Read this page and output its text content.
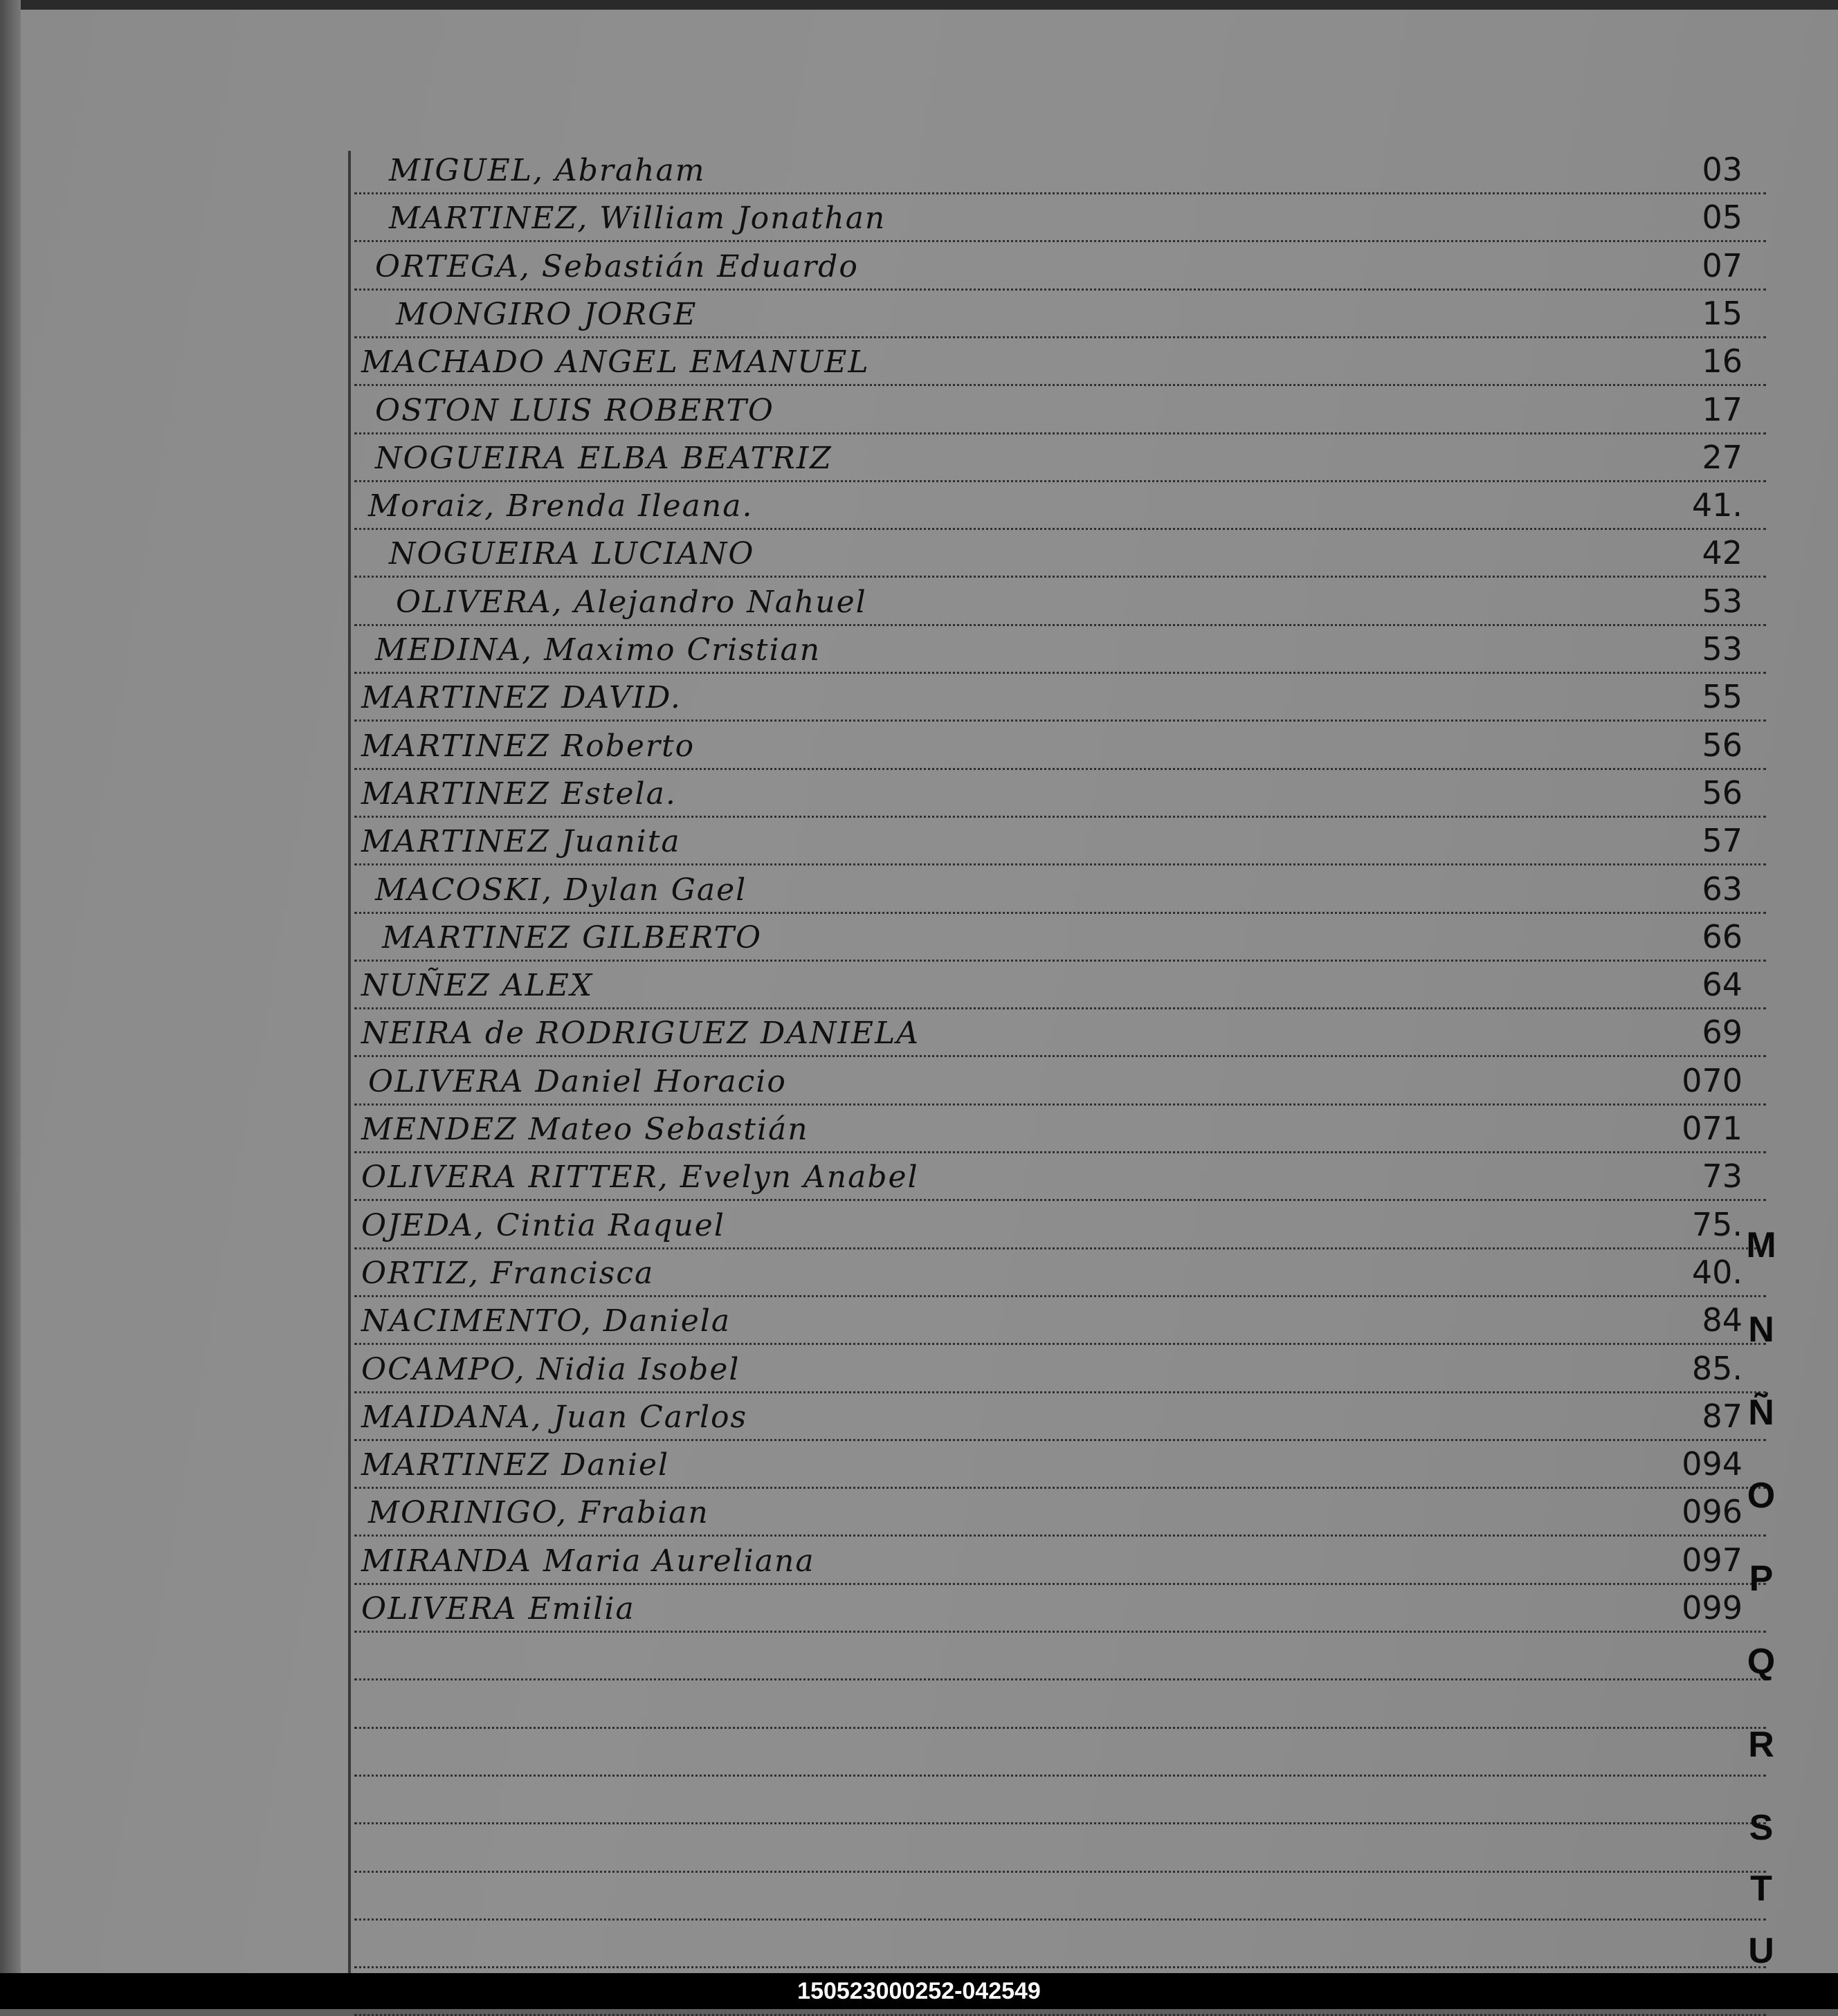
MIGUEL, Abraham	03
MARTINEZ, William Jonathan	05
ORTEGA, Sebastián Eduardo	07
MONGIRO JORGE	15
MACHADO ANGEL EMANUEL	16
OSTON LUIS ROBERTO	17
NOGUEIRA ELBA BEATRIZ	27
Moraiz, Brenda Ileana.	41.
NOGUEIRA LUCIANO	42
OLIVERA, Alejandro Nahuel	53
MEDINA, Maximo Cristian	53
MARTINEZ DAVID.	55
MARTINEZ Roberto	56
MARTINEZ Estela.	56
MARTINEZ Juanita	57
MACOSKI, Dylan Gael	63
MARTINEZ GILBERTO	66
NUÑEZ ALEX	64
NEIRA de RODRIGUEZ DANIELA	69
OLIVERA Daniel Horacio	070
MENDEZ Mateo Sebastián	071
OLIVERA RITTER, Evelyn Anabel	73
OJEDA, Cintia Raquel	75.
ORTIZ, Francisca	40.
NACIMENTO, Daniela	84
OCAMPO, Nidia Isobel	85.
MAIDANA, Juan Carlos	87
MARTINEZ Daniel	094
MORINIGO, Frabian	096
MIRANDA Maria Aureliana	097
OLIVERA Emilia	099
M
N
Ñ
O
P
Q
R
S
T
U
150523000252-042549
